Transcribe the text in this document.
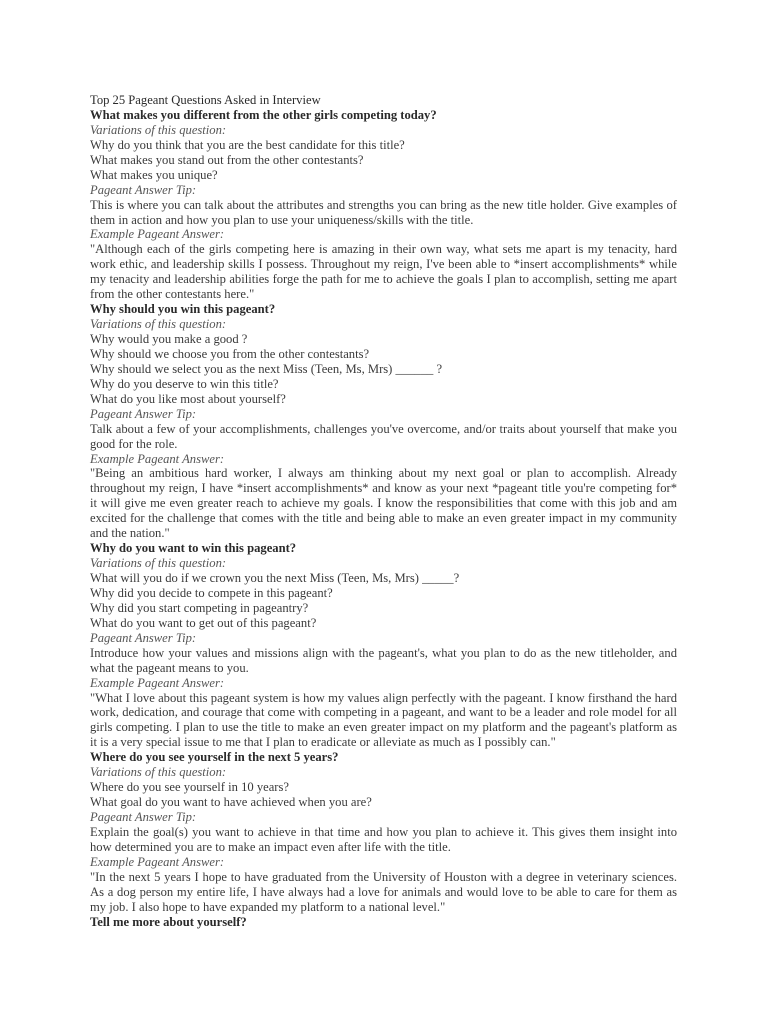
Top 25 Pageant Questions Asked in Interview
What makes you different from the other girls competing today?
Variations of this question:
Why do you think that you are the best candidate for this title?
What makes you stand out from the other contestants?
What makes you unique?
Pageant Answer Tip:
This is where you can talk about the attributes and strengths you can bring as the new title holder. Give examples of them in action and how you plan to use your uniqueness/skills with the title.
Example Pageant Answer:
"Although each of the girls competing here is amazing in their own way, what sets me apart is my tenacity, hard work ethic, and leadership skills I possess. Throughout my reign, I've been able to *insert accomplishments* while my tenacity and leadership abilities forge the path for me to achieve the goals I plan to accomplish, setting me apart from the other contestants here."
Why should you win this pageant?
Variations of this question:
Why would you make a good ?
Why should we choose you from the other contestants?
Why should we select you as the next Miss (Teen, Ms, Mrs) ______ ?
Why do you deserve to win this title?
What do you like most about yourself?
Pageant Answer Tip:
Talk about a few of your accomplishments, challenges you've overcome, and/or traits about yourself that make you good for the role.
Example Pageant Answer:
"Being an ambitious hard worker, I always am thinking about my next goal or plan to accomplish. Already throughout my reign, I have *insert accomplishments* and know as your next *pageant title you're competing for* it will give me even greater reach to achieve my goals. I know the responsibilities that come with this job and am excited for the challenge that comes with the title and being able to make an even greater impact in my community and the nation."
Why do you want to win this pageant?
Variations of this question:
What will you do if we crown you the next Miss (Teen, Ms, Mrs) _____?
Why did you decide to compete in this pageant?
Why did you start competing in pageantry?
What do you want to get out of this pageant?
Pageant Answer Tip:
Introduce how your values and missions align with the pageant's, what you plan to do as the new titleholder, and what the pageant means to you.
Example Pageant Answer:
"What I love about this pageant system is how my values align perfectly with the pageant. I know firsthand the hard work, dedication, and courage that come with competing in a pageant, and want to be a leader and role model for all girls competing. I plan to use the title to make an even greater impact on my platform and the pageant's platform as it is a very special issue to me that I plan to eradicate or alleviate as much as I possibly can."
Where do you see yourself in the next 5 years?
Variations of this question:
Where do you see yourself in 10 years?
What goal do you want to have achieved when you are?
Pageant Answer Tip:
Explain the goal(s) you want to achieve in that time and how you plan to achieve it. This gives them insight into how determined you are to make an impact even after life with the title.
Example Pageant Answer:
"In the next 5 years I hope to have graduated from the University of Houston with a degree in veterinary sciences. As a dog person my entire life, I have always had a love for animals and would love to be able to care for them as my job. I also hope to have expanded my platform to a national level."
Tell me more about yourself?
